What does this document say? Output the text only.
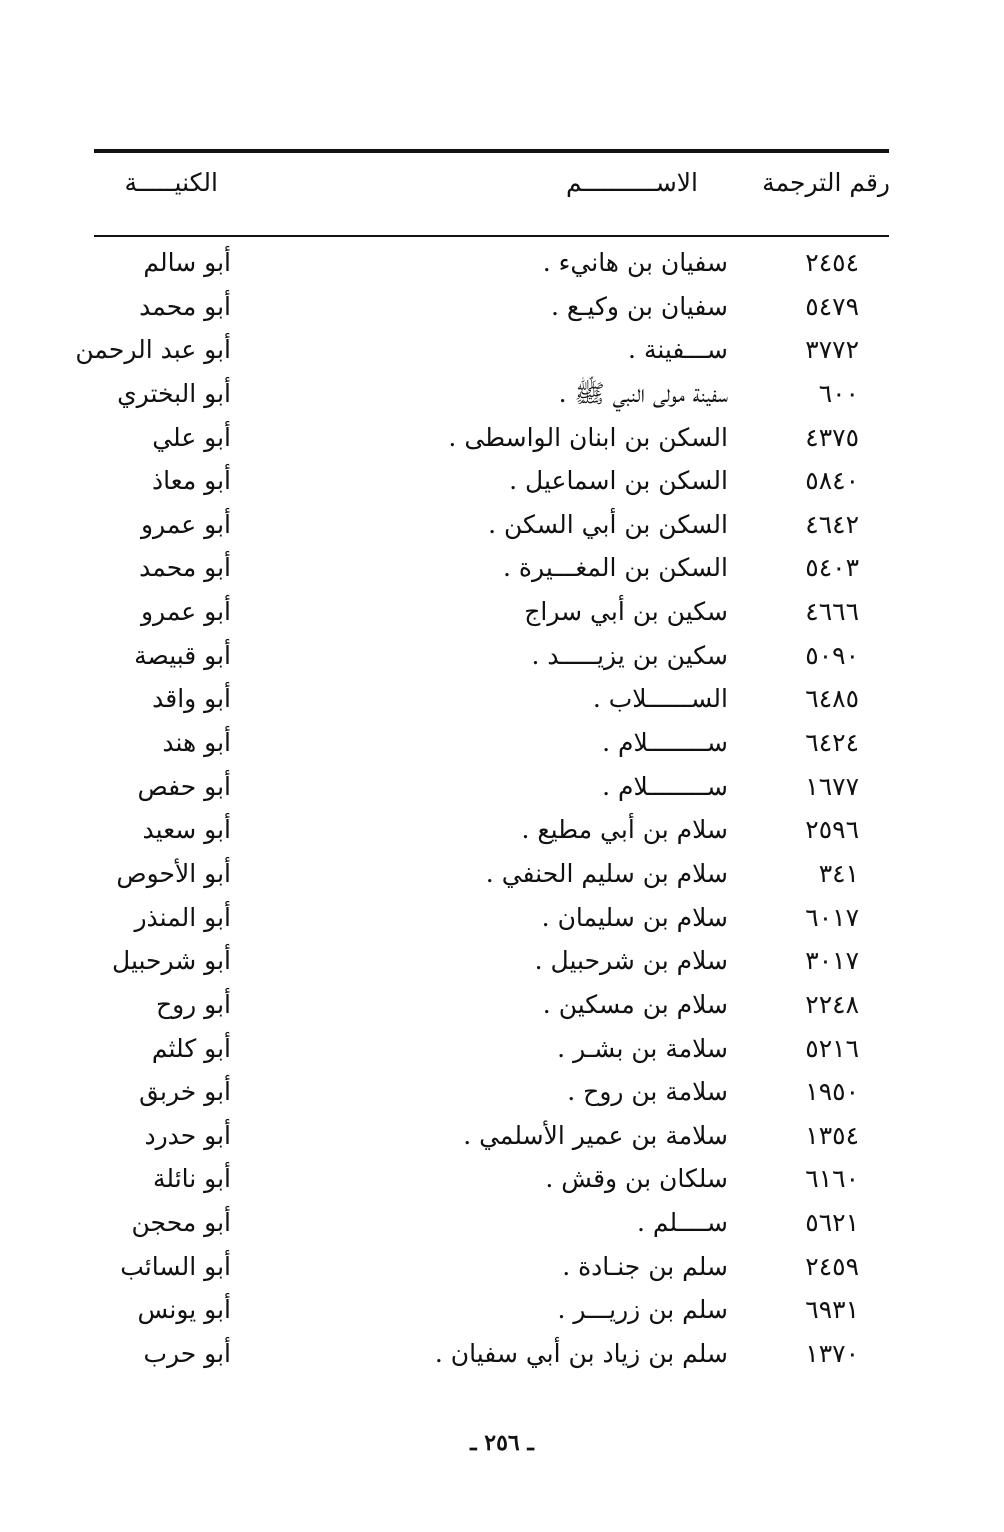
رقم الترجمة
الاســــــــــم
الكنيـــــة
٢٤٥٤
سفيان بن هانيء .
أبو سالم
٥٤٧٩
سفيان بن وكيـع .
أبو محمد
٣٧٧٢
ســـفينة .
أبو عبد الرحمن
٦٠٠
سفينة مولى النبي ﷺ .
أبو البختري
٤٣٧٥
السكن بن ابنان الواسطى .
أبو علي
٥٨٤٠
السكن بن اسماعيل .
أبو معاذ
٤٦٤٢
السكن بن أبي السكن .
أبو عمرو
٥٤٠٣
السكن بن المغـــيرة .
أبو محمد
٤٦٦٦
سكين بن أبي سراج
أبو عمرو
٥٠٩٠
سكين بن يزيـــــد .
أبو قبيصة
٦٤٨٥
الســــــلاب .
أبو واقد
٦٤٢٤
ســــــــلام .
أبو هند
١٦٧٧
ســــــــلام .
أبو حفص
٢٥٩٦
سلام بن أبي مطيع .
أبو سعيد
٣٤١
سلام بن سليم الحنفي .
أبو الأحوص
٦٠١٧
سلام بن سليمان .
أبو المنذر
٣٠١٧
سلام بن شرحبيل .
أبو شرحبيل
٢٢٤٨
سلام بن مسكين .
أبو روح
٥٢١٦
سلامة بن بشـر .
أبو كلثم
١٩٥٠
سلامة بن روح .
أبو خربق
١٣٥٤
سلامة بن عمير الأسلمي .
أبو حدرد
٦١٦٠
سلكان بن وقش .
أبو نائلة
٥٦٢١
ســــلم .
أبو محجن
٢٤٥٩
سلم بن جنـادة .
أبو السائب
٦٩٣١
سلم بن زريـــر .
أبو يونس
١٣٧٠
سلم بن زياد بن أبي سفيان .
أبو حرب
ـ ٢٥٦ ـ
